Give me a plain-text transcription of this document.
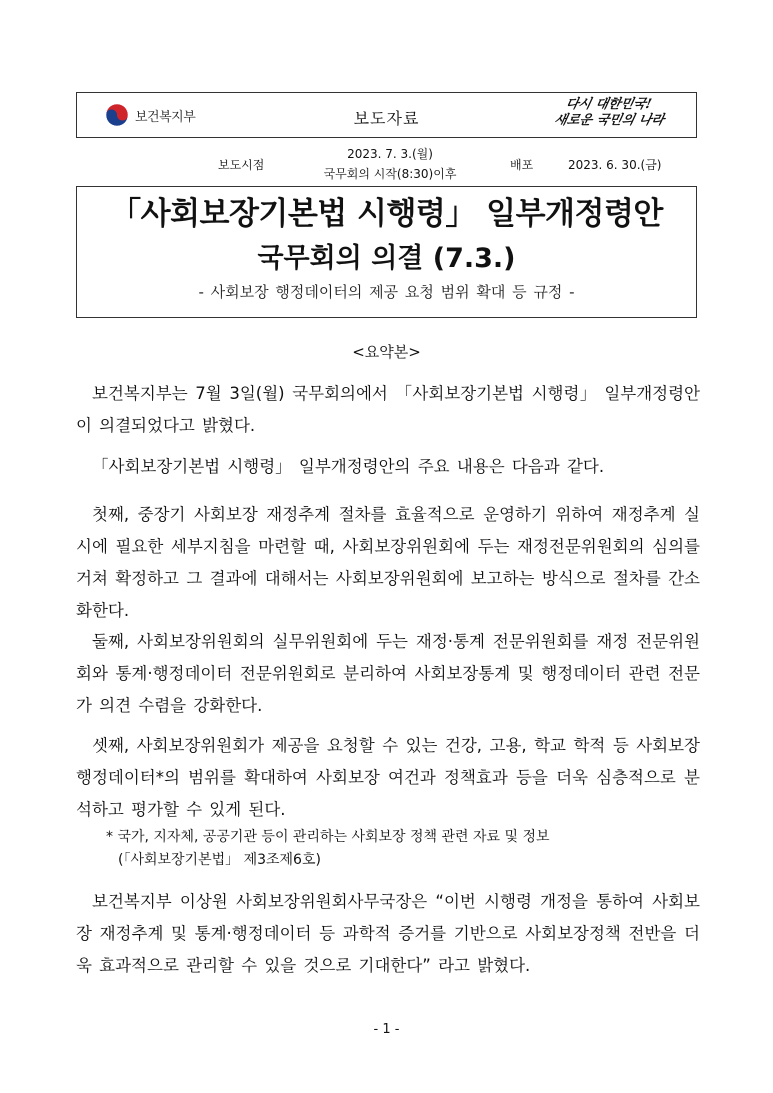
보건복지부	보도자료
다시 대한민국!
새로운 국민의 나라
보도시점
2023. 7. 3.(월)
국무회의 시작(8:30)이후
배포	2023. 6. 30.(금)
「사회보장기본법 시행령」 일부개정령안
국무회의 의결 (7.3.)
- 사회보장 행정데이터의 제공 요청 범위 확대 등 규정 -
<요약본>
보건복지부는 7월 3일(월) 국무회의에서 「사회보장기본법 시행령」 일부개정령안이 의결되었다고 밝혔다.
「사회보장기본법 시행령」 일부개정령안의 주요 내용은 다음과 같다.
첫째, 중장기 사회보장 재정추계 절차를 효율적으로 운영하기 위하여 재정추계 실시에 필요한 세부지침을 마련할 때, 사회보장위원회에 두는 재정전문위원회의 심의를 거쳐 확정하고 그 결과에 대해서는 사회보장위원회에 보고하는 방식으로 절차를 간소화한다.
둘째, 사회보장위원회의 실무위원회에 두는 재정·통계 전문위원회를 재정 전문위원회와 통계·행정데이터 전문위원회로 분리하여 사회보장통계 및 행정데이터 관련 전문가 의견 수렴을 강화한다.
셋째, 사회보장위원회가 제공을 요청할 수 있는 건강, 고용, 학교 학적 등 사회보장 행정데이터*의 범위를 확대하여 사회보장 여건과 정책효과 등을 더욱 심층적으로 분석하고 평가할 수 있게 된다.
* 국가, 지자체, 공공기관 등이 관리하는 사회보장 정책 관련 자료 및 정보
(「사회보장기본법」 제3조제6호)
보건복지부 이상원 사회보장위원회사무국장은 “이번 시행령 개정을 통하여 사회보장 재정추계 및 통계·행정데이터 등 과학적 증거를 기반으로 사회보장정책 전반을 더욱 효과적으로 관리할 수 있을 것으로 기대한다” 라고 밝혔다.
- 1 -
